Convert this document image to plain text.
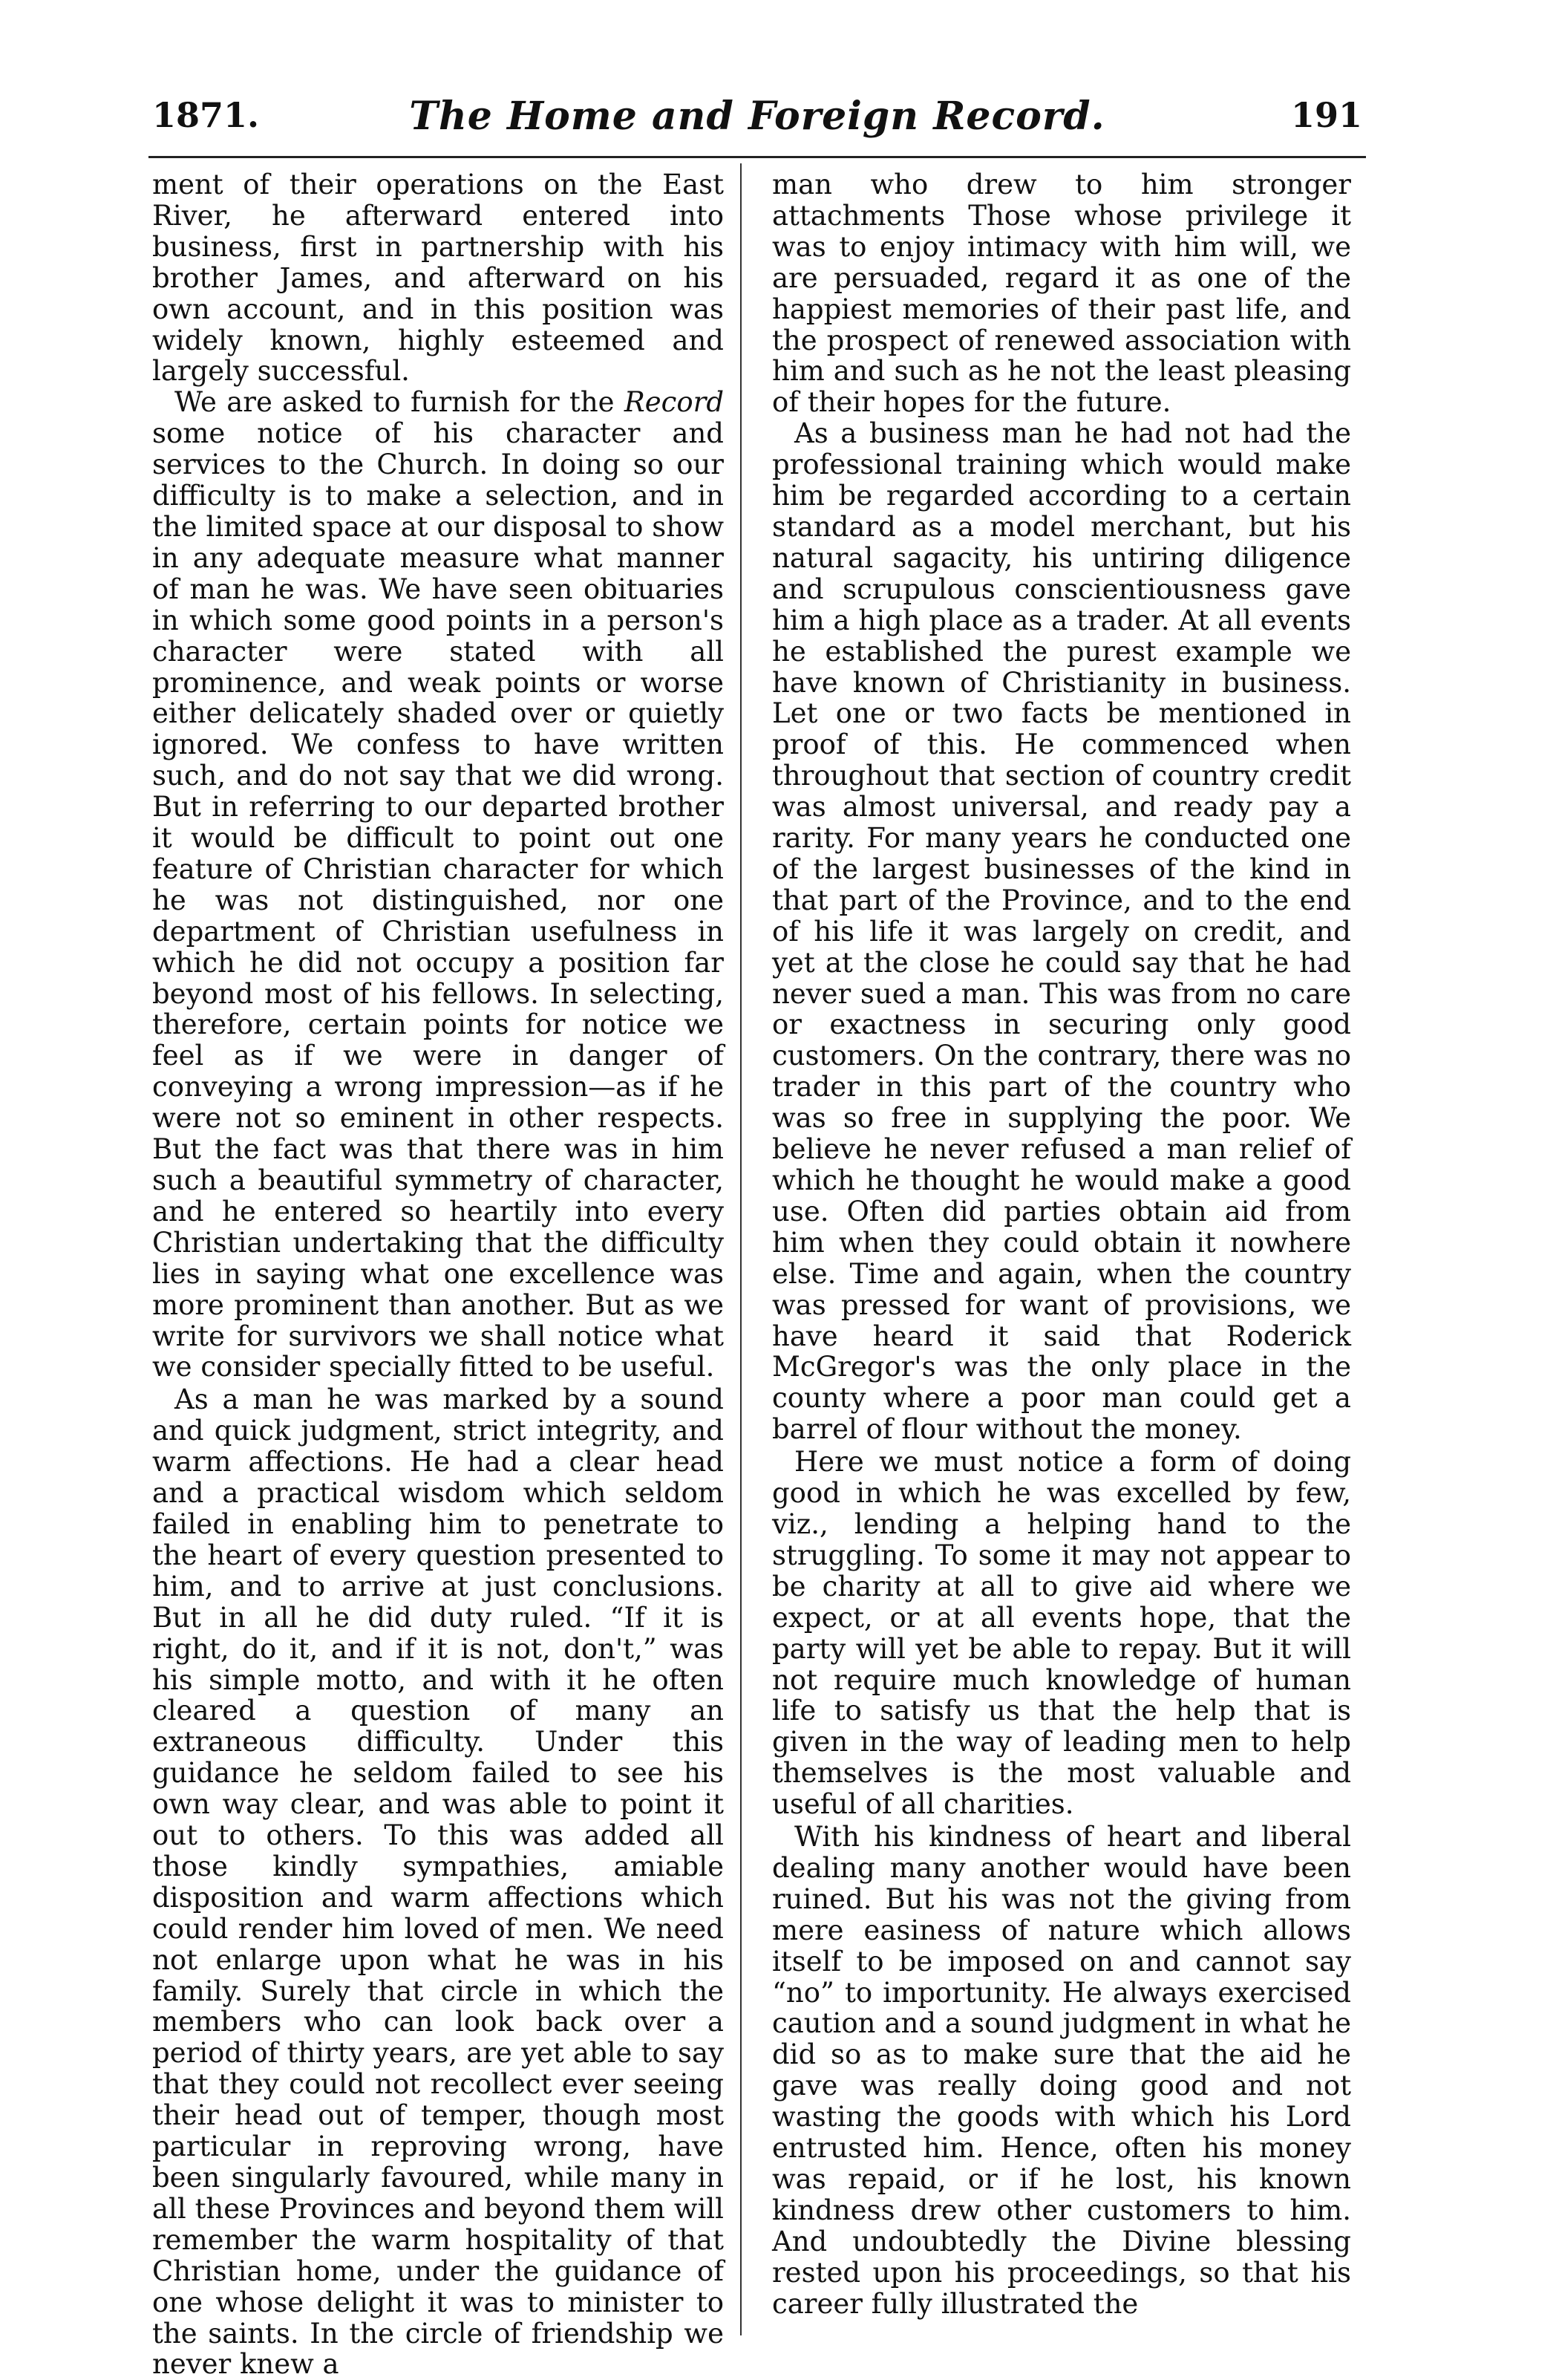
1871.	The Home and Foreign Record.	191

ment of their operations on the East River, he afterward entered into business, first in partnership with his brother James, and afterward on his own account, and in this position was widely known, highly esteemed and largely successful.

We are asked to furnish for the Record some notice of his character and services to the Church. In doing so our difficulty is to make a selection, and in the limited space at our disposal to show in any adequate measure what manner of man he was. We have seen obituaries in which some good points in a person's character were stated with all prominence, and weak points or worse either delicately shaded over or quietly ignored. We confess to have written such, and do not say that we did wrong. But in referring to our departed brother it would be difficult to point out one feature of Christian character for which he was not distinguished, nor one department of Christian usefulness in which he did not occupy a position far beyond most of his fellows. In selecting, therefore, certain points for notice we feel as if we were in danger of conveying a wrong impression—as if he were not so eminent in other respects. But the fact was that there was in him such a beautiful symmetry of character, and he entered so heartily into every Christian undertaking that the difficulty lies in saying what one excellence was more prominent than another. But as we write for survivors we shall notice what we consider specially fitted to be useful.

As a man he was marked by a sound and quick judgment, strict integrity, and warm affections. He had a clear head and a practical wisdom which seldom failed in enabling him to penetrate to the heart of every question presented to him, and to arrive at just conclusions. But in all he did duty ruled. “If it is right, do it, and if it is not, don't,” was his simple motto, and with it he often cleared a question of many an extraneous difficulty. Under this guidance he seldom failed to see his own way clear, and was able to point it out to others. To this was added all those kindly sympathies, amiable disposition and warm affections which could render him loved of men. We need not enlarge upon what he was in his family. Surely that circle in which the members who can look back over a period of thirty years, are yet able to say that they could not recollect ever seeing their head out of temper, though most particular in reproving wrong, have been singularly favoured, while many in all these Provinces and beyond them will remember the warm hospitality of that Christian home, under the guidance of one whose delight it was to minister to the saints. In the circle of friendship we never knew a

man who drew to him stronger attachments Those whose privilege it was to enjoy intimacy with him will, we are persuaded, regard it as one of the happiest memories of their past life, and the prospect of renewed association with him and such as he not the least pleasing of their hopes for the future.

As a business man he had not had the professional training which would make him be regarded according to a certain standard as a model merchant, but his natural sagacity, his untiring diligence and scrupulous conscientiousness gave him a high place as a trader. At all events he established the purest example we have known of Christianity in business. Let one or two facts be mentioned in proof of this. He commenced when throughout that section of country credit was almost universal, and ready pay a rarity. For many years he conducted one of the largest businesses of the kind in that part of the Province, and to the end of his life it was largely on credit, and yet at the close he could say that he had never sued a man. This was from no care or exactness in securing only good customers. On the contrary, there was no trader in this part of the country who was so free in supplying the poor. We believe he never refused a man relief of which he thought he would make a good use. Often did parties obtain aid from him when they could obtain it nowhere else. Time and again, when the country was pressed for want of provisions, we have heard it said that Roderick McGregor's was the only place in the county where a poor man could get a barrel of flour without the money.

Here we must notice a form of doing good in which he was excelled by few, viz., lending a helping hand to the struggling. To some it may not appear to be charity at all to give aid where we expect, or at all events hope, that the party will yet be able to repay. But it will not require much knowledge of human life to satisfy us that the help that is given in the way of leading men to help themselves is the most valuable and useful of all charities.

With his kindness of heart and liberal dealing many another would have been ruined. But his was not the giving from mere easiness of nature which allows itself to be imposed on and cannot say “no” to importunity. He always exercised caution and a sound judgment in what he did so as to make sure that the aid he gave was really doing good and not wasting the goods with which his Lord entrusted him. Hence, often his money was repaid, or if he lost, his known kindness drew other customers to him. And undoubtedly the Divine blessing rested upon his proceedings, so that his career fully illustrated the
